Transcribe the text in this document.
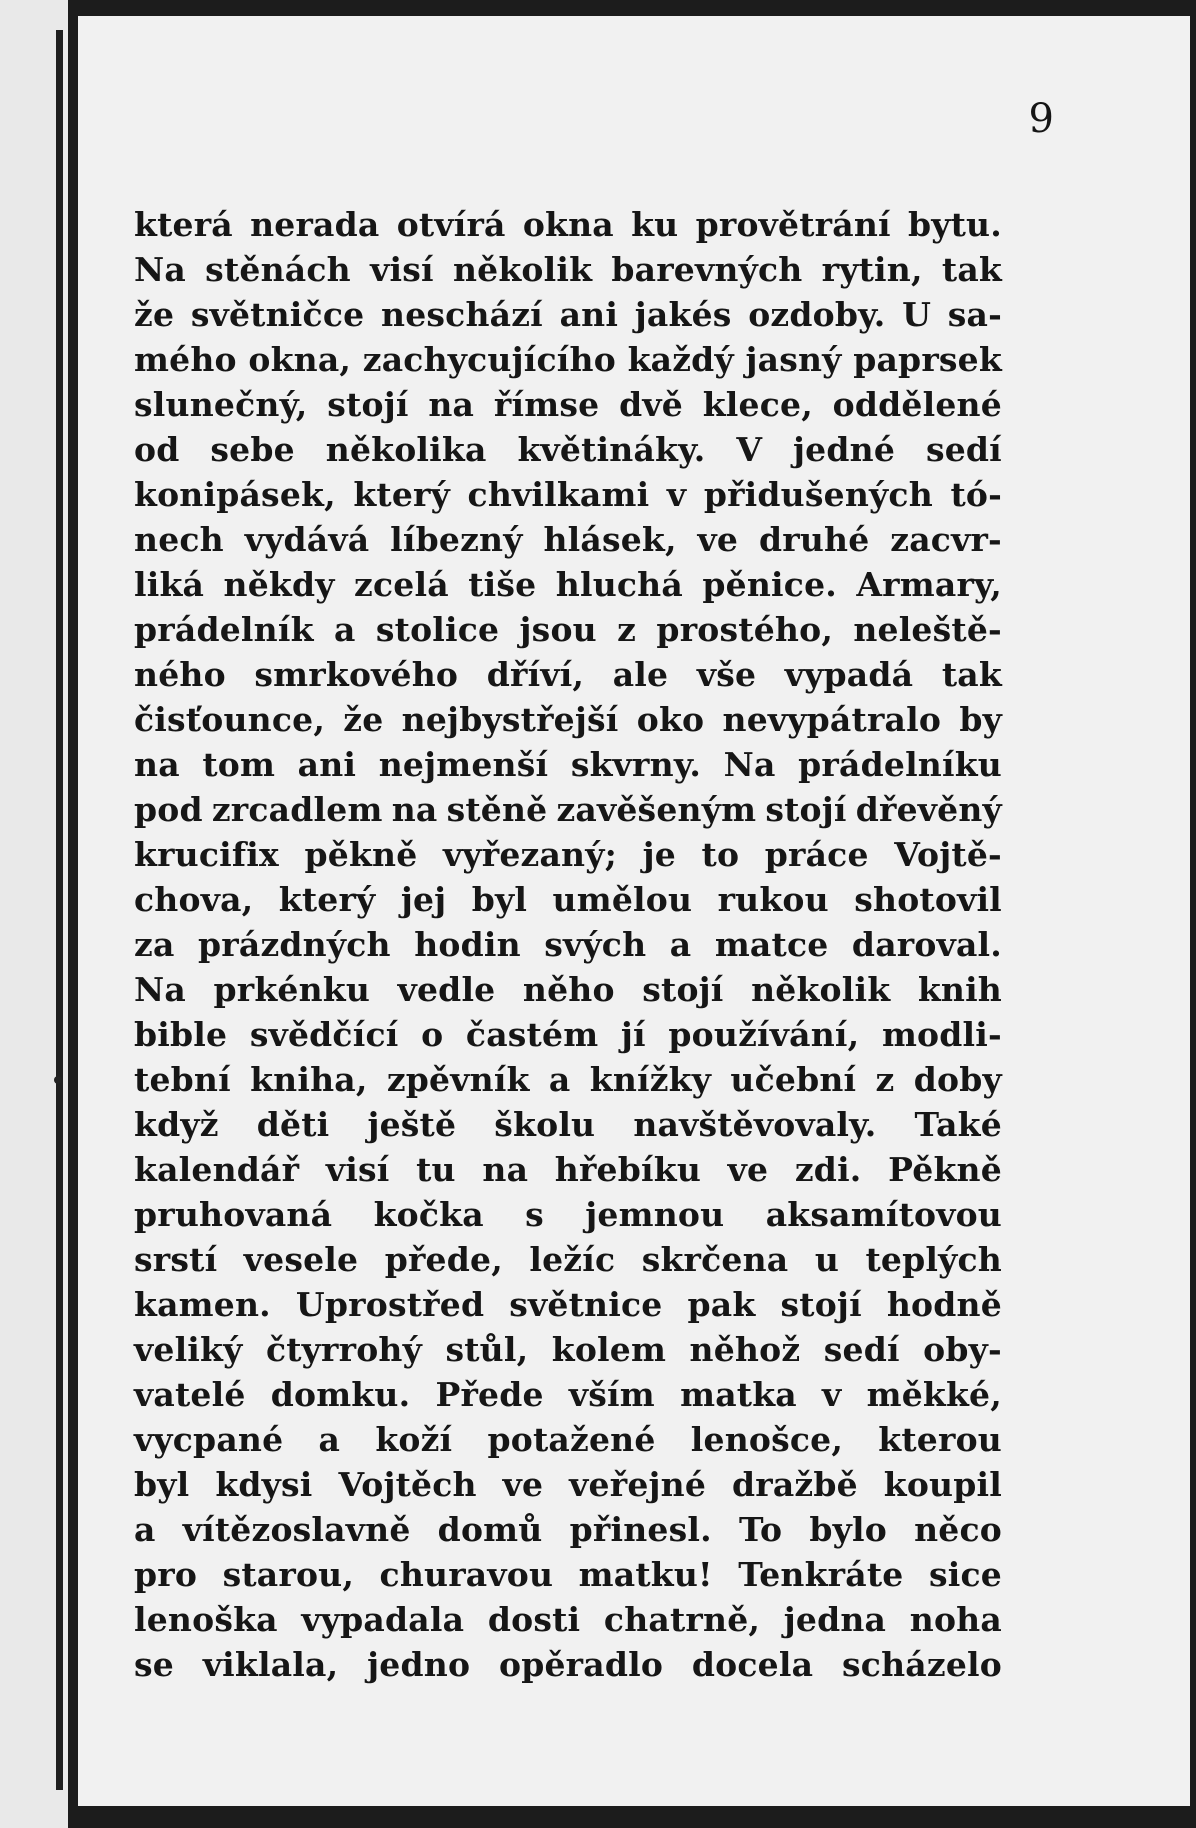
9
která nerada otvírá okna ku provětrání bytu.
Na stěnách visí několik barevných rytin, tak
že světničce neschází ani jakés ozdoby. U sa-
mého okna, zachycujícího každý jasný paprsek
slunečný, stojí na římse dvě klece, oddělené
od sebe několika květináky. V jedné sedí
konipásek, který chvilkami v přidušených tó-
nech vydává líbezný hlásek, ve druhé zacvr-
liká někdy zcelá tiše hluchá pěnice. Armary,
prádelník a stolice jsou z prostého, neleště-
ného smrkového dříví, ale vše vypadá tak
čisťounce, že nejbystřejší oko nevypátralo by
na tom ani nejmenší skvrny. Na prádelníku
pod zrcadlem na stěně zavěšeným stojí dřevěný
krucifix pěkně vyřezaný; je to práce Vojtě-
chova, který jej byl umělou rukou shotovil
za prázdných hodin svých a matce daroval.
Na prkénku vedle něho stojí několik knih
bible svědčící o častém jí používání, modli-
tební kniha, zpěvník a knížky učební z doby
když děti ještě školu navštěvovaly. Také
kalendář visí tu na hřebíku ve zdi. Pěkně
pruhovaná kočka s jemnou aksamítovou
srstí vesele přede, ležíc skrčena u teplých
kamen. Uprostřed světnice pak stojí hodně
veliký čtyrrohý stůl, kolem něhož sedí oby-
vatelé domku. Přede vším matka v měkké,
vycpané a koží potažené lenošce, kterou
byl kdysi Vojtěch ve veřejné dražbě koupil
a vítězoslavně domů přinesl. To bylo něco
pro starou, churavou matku! Tenkráte sice
lenoška vypadala dosti chatrně, jedna noha
se viklala, jedno opěradlo docela scházelo
